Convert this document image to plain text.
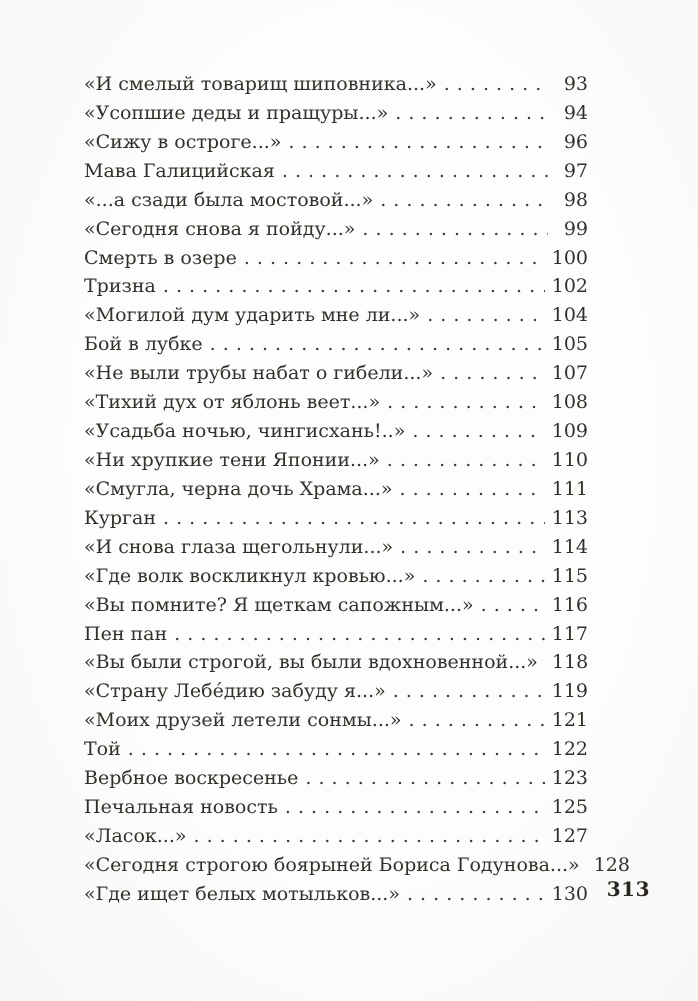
«И смелый товарищ шиповника...» . . .	93
«Усопшие деды и пращуры...» . . .	94
«Сижу в остроге...» . . .	96
Мава Галицийская . . .	97
«...а сзади была мостовой...» . . .	98
«Сегодня снова я пойду...» . . .	99
Смерть в озере . . .	100
Тризна . . .	102
«Могилой дум ударить мне ли...» . . .	104
Бой в лубке . . .	105
«Не выли трубы набат о гибели...» . . .	107
«Тихий дух от яблонь веет...» . . .	108
«Усадьба ночью, чингисхань!..» . . .	109
«Ни хрупкие тени Японии...» . . .	110
«Смугла, черна дочь Храма...» . . .	111
Курган . . .	113
«И снова глаза щегольнули...» . . .	114
«Где волк воскликнул кровью...» . . .	115
«Вы помните? Я щеткам сапожным...» . . .	116
Пен пан . . .	117
«Вы были строгой, вы были вдохновенной...» 118
«Страну Лебе́дию забуду я...» . . .	119
«Моих друзей летели сонмы...» . . .	121
Той . . .	122
Вербное воскресенье . . .	123
Печальная новость . . .	125
«Ласок...» . . .	127
«Сегодня строгою боярыней Бориса Годунова...» 128
«Где ищет белых мотыльков...» . . .	130 313
